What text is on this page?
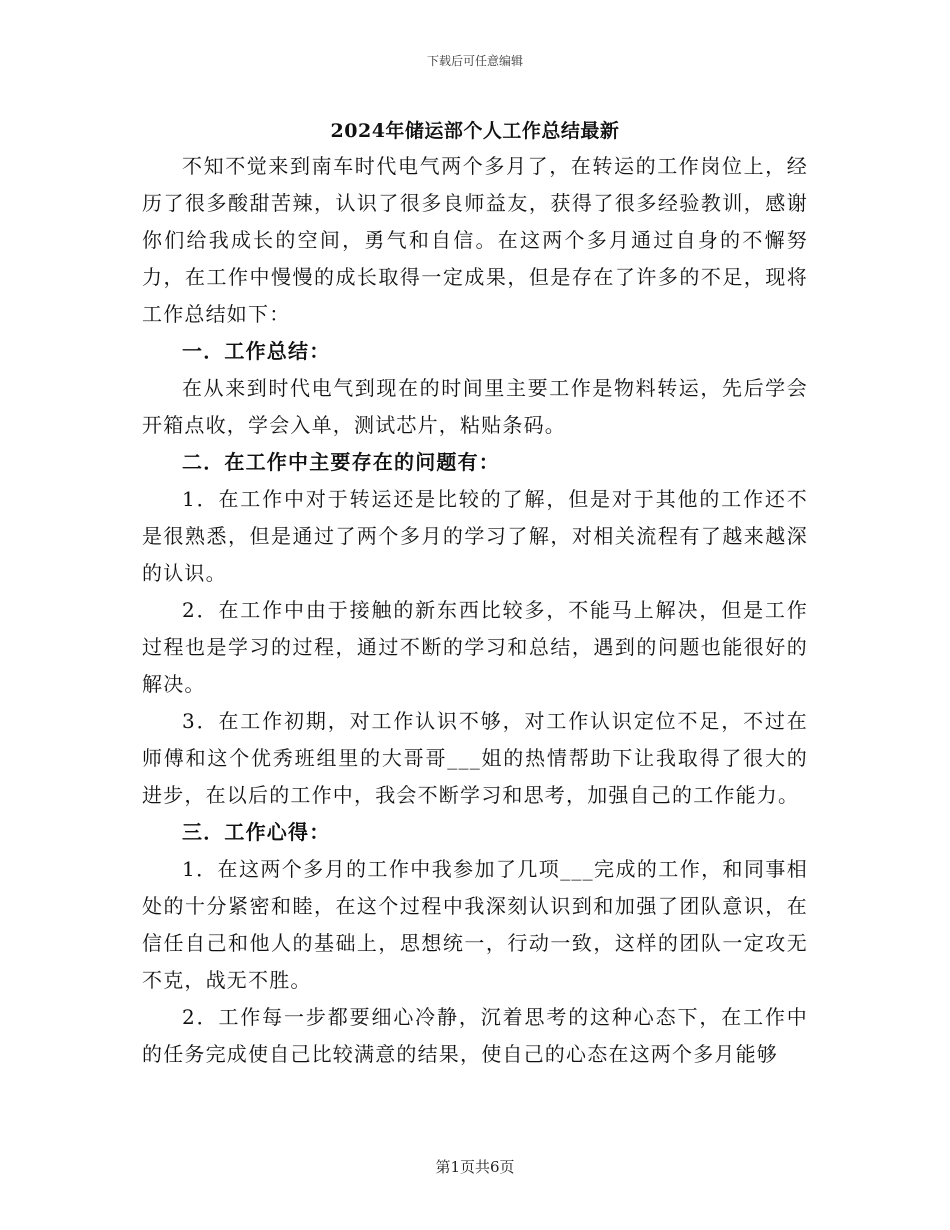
下载后可任意编辑
2024年储运部个人工作总结最新

不知不觉来到南车时代电气两个多月了，在转运的工作岗位上，经历了很多酸甜苦辣，认识了很多良师益友，获得了很多经验教训，感谢你们给我成长的空间，勇气和自信。在这两个多月通过自身的不懈努力，在工作中慢慢的成长取得一定成果，但是存在了许多的不足，现将工作总结如下：

一．工作总结：

在从来到时代电气到现在的时间里主要工作是物料转运，先后学会开箱点收，学会入单，测试芯片，粘贴条码。

二．在工作中主要存在的问题有：

1．在工作中对于转运还是比较的了解，但是对于其他的工作还不是很熟悉，但是通过了两个多月的学习了解，对相关流程有了越来越深的认识。

2．在工作中由于接触的新东西比较多，不能马上解决，但是工作过程也是学习的过程，通过不断的学习和总结，遇到的问题也能很好的解决。

3．在工作初期，对工作认识不够，对工作认识定位不足，不过在师傅和这个优秀班组里的大哥哥___姐的热情帮助下让我取得了很大的进步，在以后的工作中，我会不断学习和思考，加强自己的工作能力。

三．工作心得：

1．在这两个多月的工作中我参加了几项___完成的工作，和同事相处的十分紧密和睦，在这个过程中我深刻认识到和加强了团队意识，在信任自己和他人的基础上，思想统一，行动一致，这样的团队一定攻无不克，战无不胜。

2．工作每一步都要细心冷静，沉着思考的这种心态下，在工作中的任务完成使自己比较满意的结果，使自己的心态在这两个多月能够

第1页共6页
